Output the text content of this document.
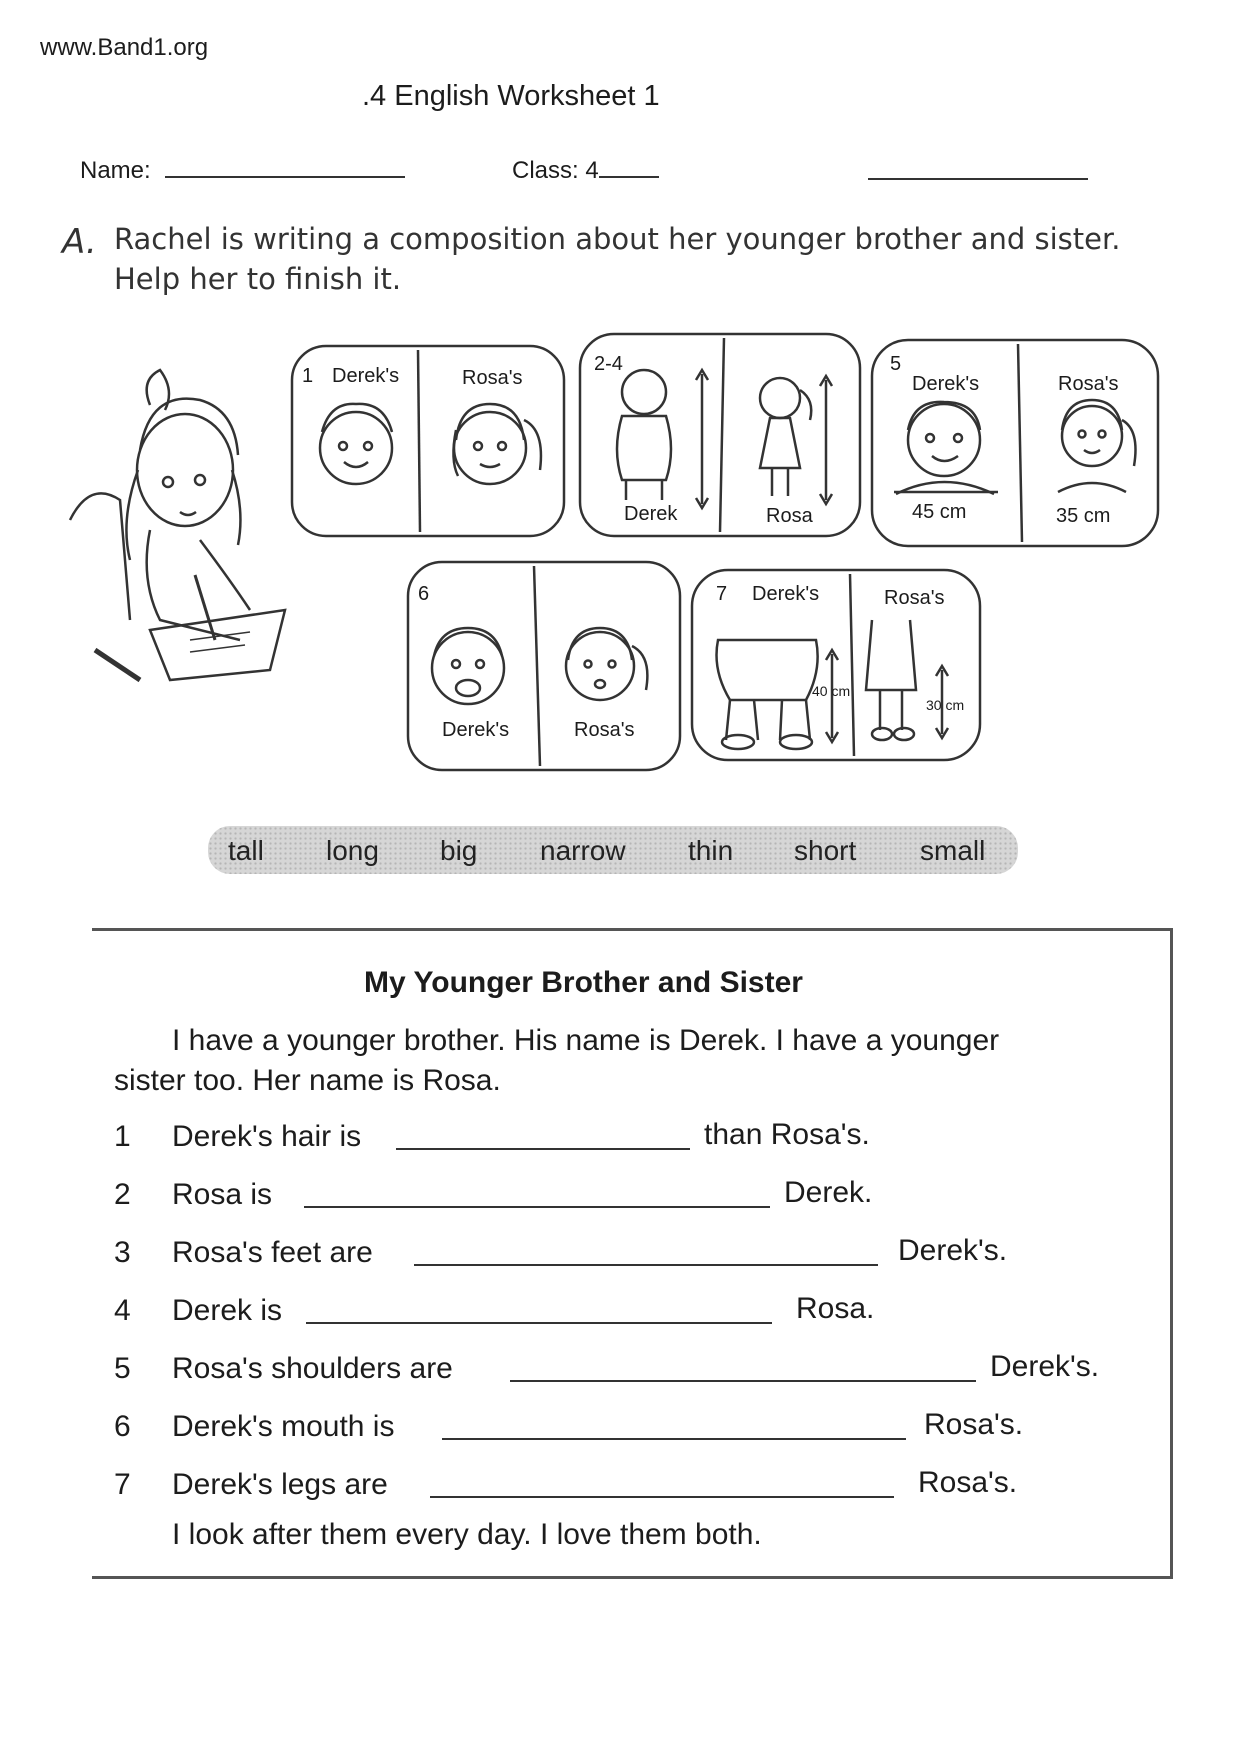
www.Band1.org
.4 English Worksheet 1
Name:	Class: 4
A. Rachel is writing a composition about her younger brother and sister.
Help her to finish it.
1 Derek's	Rosa's
2-4
Derek	Rosa
5
Derek's	Rosa's
45 cm	35 cm
6
Derek's	Rosa's
7 Derek's	Rosa's
40 cm
30 cm
tall long big narrow thin short small
My Younger Brother and Sister
I have a younger brother. His name is Derek. I have a younger
sister too. Her name is Rosa.
1 Derek's hair is	than Rosa's.
2 Rosa is	Derek.
3 Rosa's feet are	Derek's.
4 Derek is	Rosa.
5 Rosa's shoulders are	Derek's.
6 Derek's mouth is	Rosa's.
7 Derek's legs are	Rosa's.
I look after them every day. I love them both.
